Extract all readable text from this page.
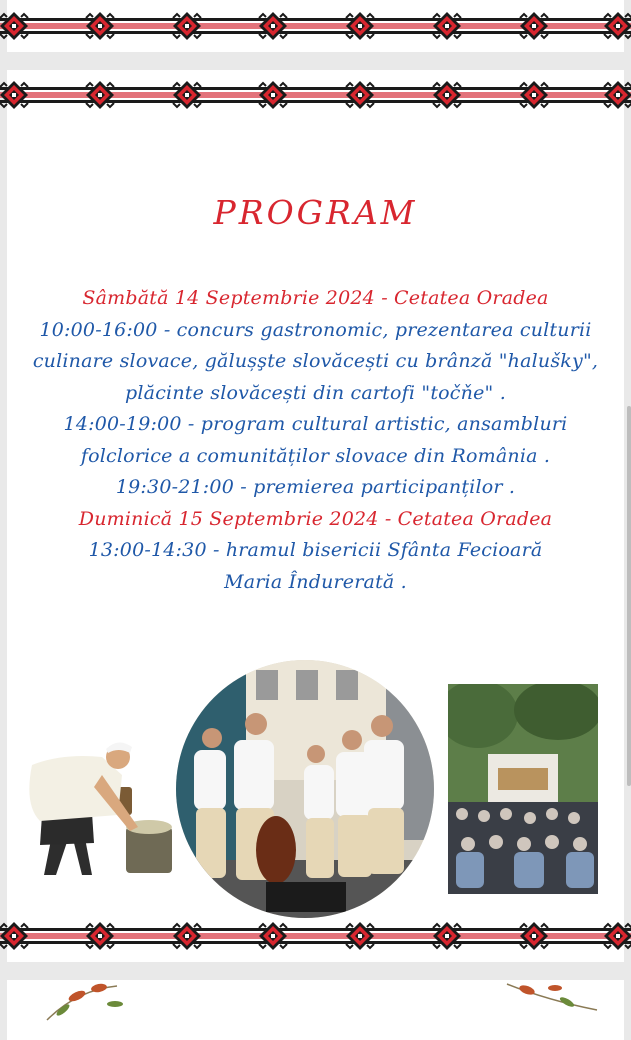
PROGRAM
Sâmbătă 14 Septembrie 2024 - Cetatea Oradea
10:00-16:00 - concurs gastronomic, prezentarea culturii
culinare slovace, gălușşte slovăcești cu brânză "halušky",
plăcinte slovăcești din cartofi "točňe" .
14:00-19:00 - program cultural artistic, ansambluri
folclorice a comunităților slovace din România .
19:30-21:00 - premierea participanților .
Duminică 15 Septembrie 2024 - Cetatea Oradea
13:00-14:30 - hramul bisericii Sfânta Fecioară
Maria Îndurerată .
